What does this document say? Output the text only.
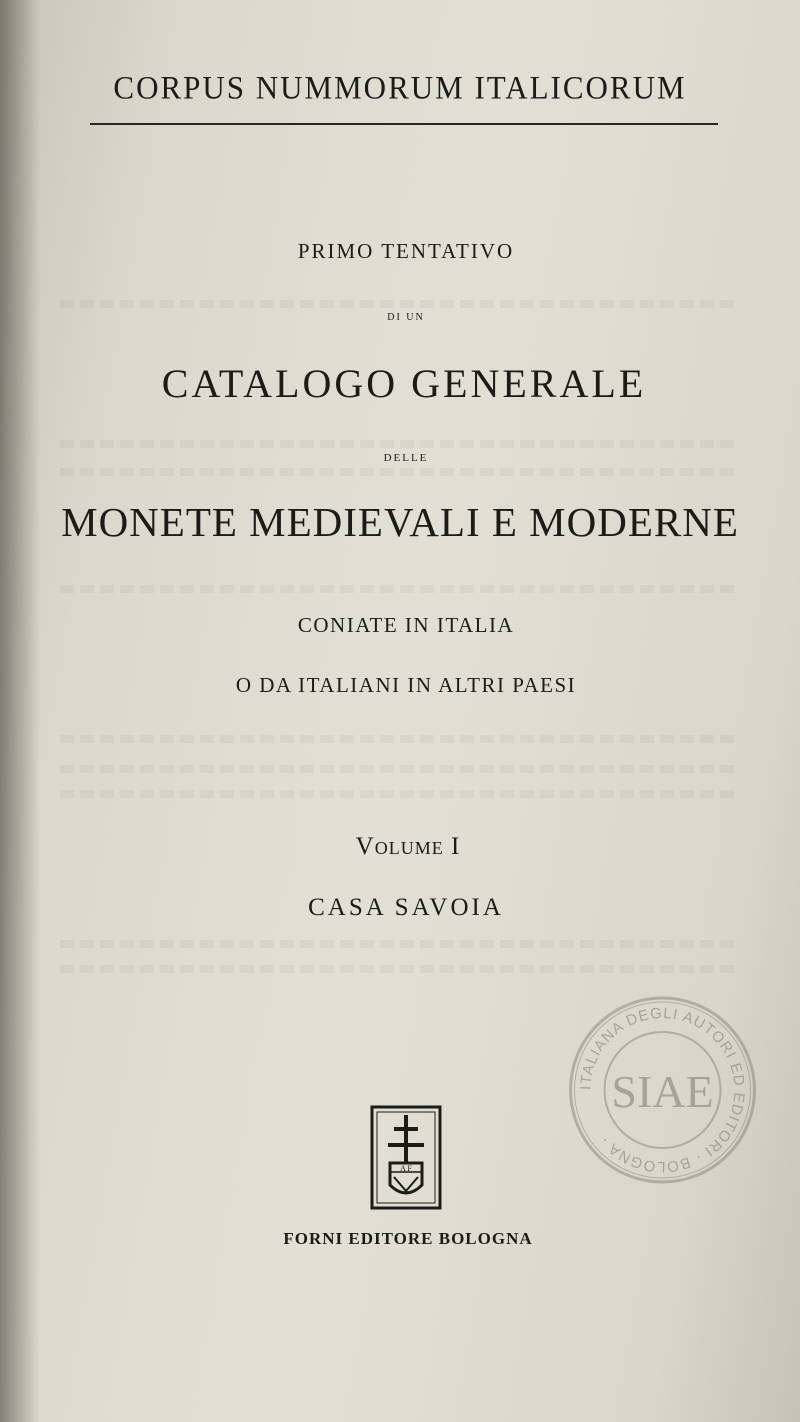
CORPUS NUMMORUM ITALICORUM
PRIMO TENTATIVO
DI UN
CATALOGO GENERALE
DELLE
MONETE MEDIEVALI E MODERNE
CONIATE IN ITALIA
O DA ITALIANI IN ALTRI PAESI
Volume I
CASA SAVOIA
A F
FORNI EDITORE BOLOGNA
ITALIANA DEGLI AUTORI ED EDITORI · BOLOGNA ·
SIAE
